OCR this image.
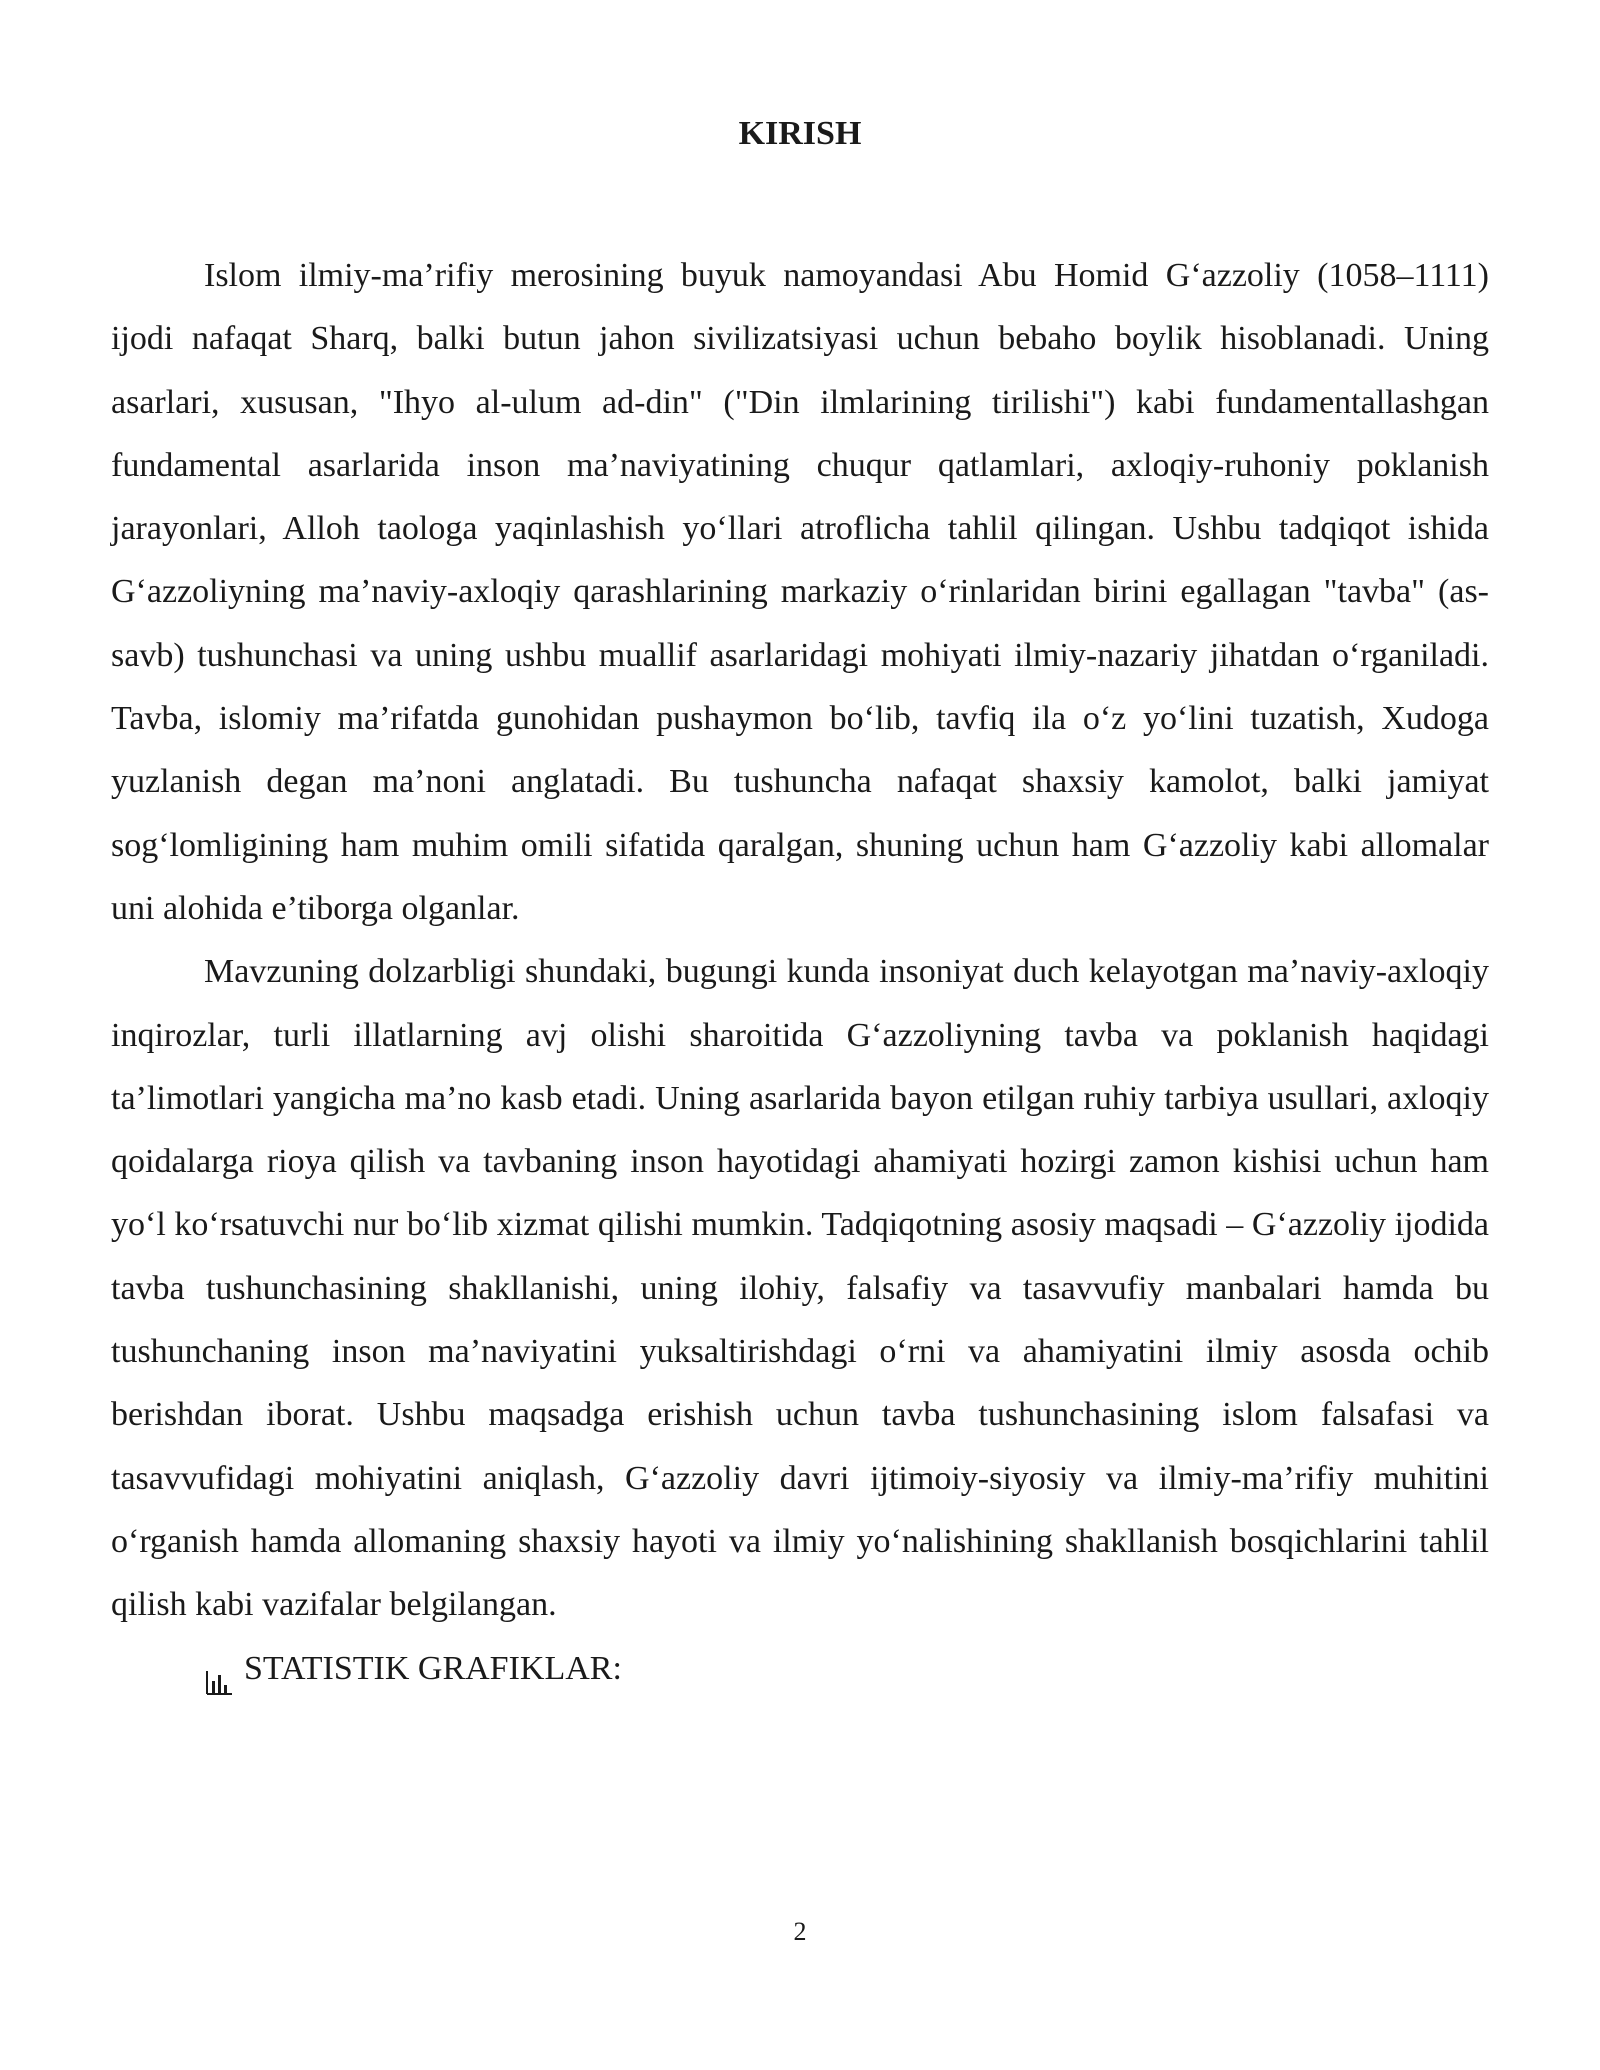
KIRISH

Islom ilmiy-ma’rifiy merosining buyuk namoyandasi Abu Homid G‘azzoliy (1058–1111) ijodi nafaqat Sharq, balki butun jahon sivilizatsiyasi uchun bebaho boylik hisoblanadi. Uning asarlari, xususan, "Ihyo al-ulum ad-din" ("Din ilmlarining tirilishi") kabi fundamentallashgan fundamental asarlarida inson ma’naviyatining chuqur qatlamlari, axloqiy-ruhoniy poklanish jarayonlari, Alloh taologa yaqinlashish yo‘llari atroflicha tahlil qilingan. Ushbu tadqiqot ishida G‘azzoliyning ma’naviy-axloqiy qarashlarining markaziy o‘rinlaridan birini egallagan "tavba" (as-savb) tushunchasi va uning ushbu muallif asarlaridagi mohiyati ilmiy-nazariy jihatdan o‘rganiladi. Tavba, islomiy ma’rifatda gunohidan pushaymon bo‘lib, tavfiq ila o‘z yo‘lini tuzatish, Xudoga yuzlanish degan ma’noni anglatadi. Bu tushuncha nafaqat shaxsiy kamolot, balki jamiyat sog‘lomligining ham muhim omili sifatida qaralgan, shuning uchun ham G‘azzoliy kabi allomalar uni alohida e’tiborga olganlar.

Mavzuning dolzarbligi shundaki, bugungi kunda insoniyat duch kelayotgan ma’naviy-axloqiy inqirozlar, turli illatlarning avj olishi sharoitida G‘azzoliyning tavba va poklanish haqidagi ta’limotlari yangicha ma’no kasb etadi. Uning asarlarida bayon etilgan ruhiy tarbiya usullari, axloqiy qoidalarga rioya qilish va tavbaning inson hayotidagi ahamiyati hozirgi zamon kishisi uchun ham yo‘l ko‘rsatuvchi nur bo‘lib xizmat qilishi mumkin. Tadqiqotning asosiy maqsadi – G‘azzoliy ijodida tavba tushunchasining shakllanishi, uning ilohiy, falsafiy va tasavvufiy manbalari hamda bu tushunchaning inson ma’naviyatini yuksaltirishdagi o‘rni va ahamiyatini ilmiy asosda ochib berishdan iborat. Ushbu maqsadga erishish uchun tavba tushunchasining islom falsafasi va tasavvufidagi mohiyatini aniqlash, G‘azzoliy davri ijtimoiy-siyosiy va ilmiy-ma’rifiy muhitini o‘rganish hamda allomaning shaxsiy hayoti va ilmiy yo‘nalishining shakllanish bosqichlarini tahlil qilish kabi vazifalar belgilangan.

STATISTIK GRAFIKLAR:
2
